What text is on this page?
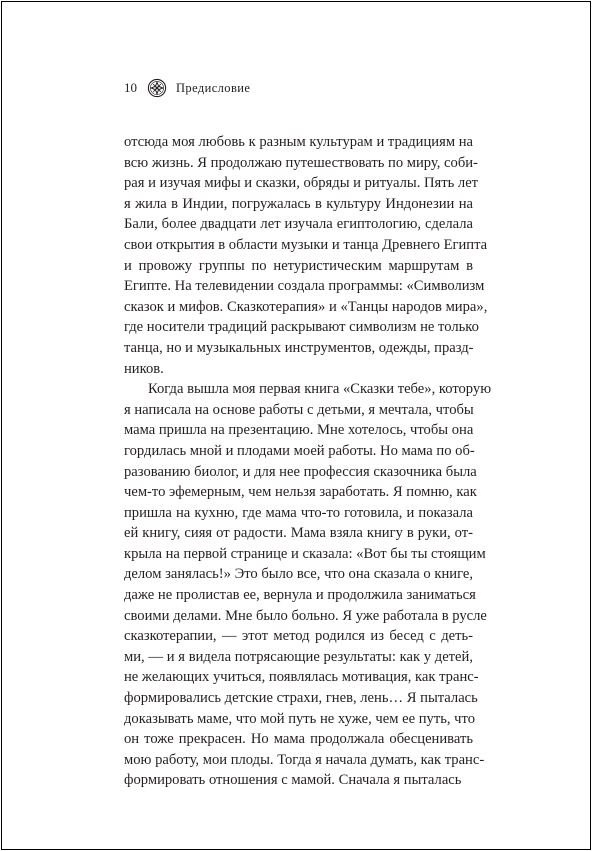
10	Предисловие
отсюда моя любовь к разным культурам и традициям на
всю жизнь. Я продолжаю путешествовать по миру, соби-
рая и изучая мифы и сказки, обряды и ритуалы. Пять лет
я жила в Индии, погружалась в культуру Индонезии на
Бали, более двадцати лет изучала египтологию, сделала
свои открытия в области музыки и танца Древнего Египта
и провожу группы по нетуристическим маршрутам в
Египте. На телевидении создала программы: «Символизм
сказок и мифов. Сказкотерапия» и «Танцы народов мира»,
где носители традиций раскрывают символизм не только
танца, но и музыкальных инструментов, одежды, празд-
ников.
Когда вышла моя первая книга «Сказки тебе», которую
я написала на основе работы с детьми, я мечтала, чтобы
мама пришла на презентацию. Мне хотелось, чтобы она
гордилась мной и плодами моей работы. Но мама по об-
разованию биолог, и для нее профессия сказочника была
чем-то эфемерным, чем нельзя заработать. Я помню, как
пришла на кухню, где мама что-то готовила, и показала
ей книгу, сияя от радости. Мама взяла книгу в руки, от-
крыла на первой странице и сказала: «Вот бы ты стоящим
делом занялась!» Это было все, что она сказала о книге,
даже не пролистав ее, вернула и продолжила заниматься
своими делами. Мне было больно. Я уже работала в русле
сказкотерапии, — этот метод родился из бесед с деть-
ми, — и я видела потрясающие результаты: как у детей,
не желающих учиться, появлялась мотивация, как транс-
формировались детские страхи, гнев, лень… Я пыталась
доказывать маме, что мой путь не хуже, чем ее путь, что
он тоже прекрасен. Но мама продолжала обесценивать
мою работу, мои плоды. Тогда я начала думать, как транс-
формировать отношения с мамой. Сначала я пыталась
